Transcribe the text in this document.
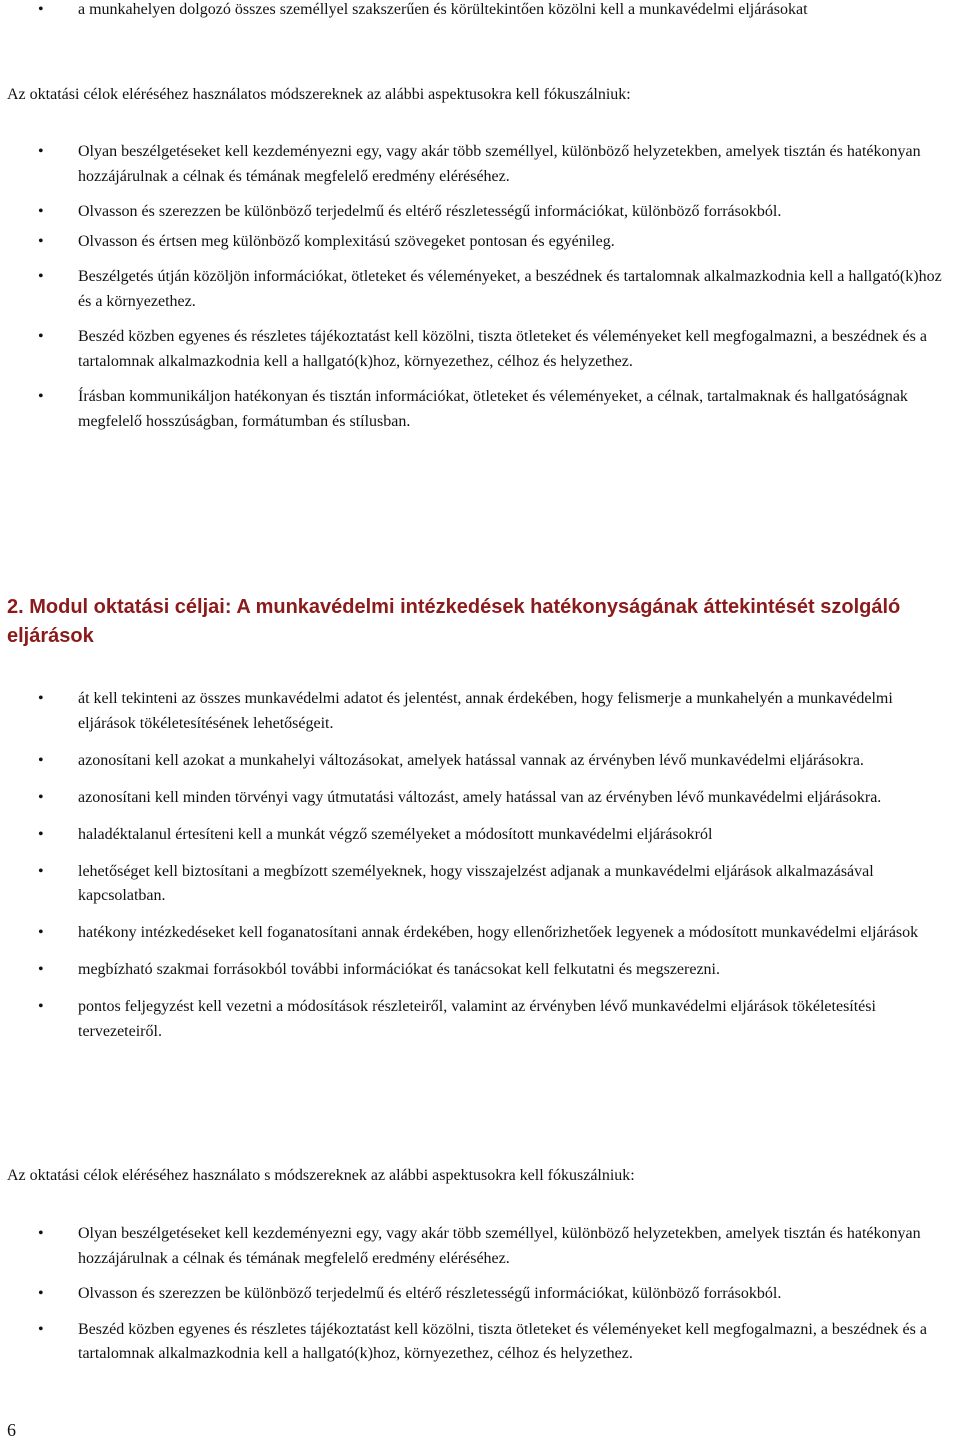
• a munkahelyen dolgozó összes személlyel szakszerűen és körültekintően közölni kell a munkavédelmi eljárásokat

Az oktatási célok eléréséhez használatos módszereknek az alábbi aspektusokra kell fókuszálniuk:

• Olyan beszélgetéseket kell kezdeményezni egy, vagy akár több személlyel, különböző helyzetekben, amelyek tisztán és hatékonyan hozzájárulnak a célnak és témának megfelelő eredmény eléréséhez.
• Olvasson és szerezzen be különböző terjedelmű és eltérő részletességű információkat, különböző forrásokból.
• Olvasson és értsen meg különböző komplexitású szövegeket pontosan és egyénileg.
• Beszélgetés útján közöljön információkat, ötleteket és véleményeket, a beszédnek és tartalomnak alkalmazkodnia kell a hallgató(k)hoz és a környezethez.
• Beszéd közben egyenes és részletes tájékoztatást kell közölni, tiszta ötleteket és véleményeket kell megfogalmazni, a beszédnek és a tartalomnak alkalmazkodnia kell a hallgató(k)hoz, környezethez, célhoz és helyzethez.
• Írásban kommunikáljon hatékonyan és tisztán információkat, ötleteket és véleményeket, a célnak, tartalmaknak és hallgatóságnak megfelelő hosszúságban, formátumban és stílusban.
2. Modul oktatási céljai: A munkavédelmi intézkedések hatékonyságának áttekintését szolgáló eljárások
• át kell tekinteni az összes munkavédelmi adatot és jelentést, annak érdekében, hogy felismerje a munkahelyén a munkavédelmi eljárások tökéletesítésének lehetőségeit.
• azonosítani kell azokat a munkahelyi változásokat, amelyek hatással vannak az érvényben lévő munkavédelmi eljárásokra.
• azonosítani kell minden törvényi vagy útmutatási változást, amely hatással van az érvényben lévő munkavédelmi eljárásokra.
• haladéktalanul értesíteni kell a munkát végző személyeket a módosított munkavédelmi eljárásokról
• lehetőséget kell biztosítani a megbízott személyeknek, hogy visszajelzést adjanak a munkavédelmi eljárások alkalmazásával kapcsolatban.
• hatékony intézkedéseket kell foganatosítani annak érdekében, hogy ellenőrizhetőek legyenek a módosított munkavédelmi eljárások
• megbízható szakmai forrásokból további információkat és tanácsokat kell felkutatni és megszerezni.
• pontos feljegyzést kell vezetni a módosítások részleteiről, valamint az érvényben lévő munkavédelmi eljárások tökéletesítési tervezeteiről.

Az oktatási célok eléréséhez használato s módszereknek az alábbi aspektusokra kell fókuszálniuk:

• Olyan beszélgetéseket kell kezdeményezni egy, vagy akár több személlyel, különböző helyzetekben, amelyek tisztán és hatékonyan hozzájárulnak a célnak és témának megfelelő eredmény eléréséhez.
• Olvasson és szerezzen be különböző terjedelmű és eltérő részletességű információkat, különböző forrásokból.
• Beszéd közben egyenes és részletes tájékoztatást kell közölni, tiszta ötleteket és véleményeket kell megfogalmazni, a beszédnek és a tartalomnak alkalmazkodnia kell a hallgató(k)hoz, környezethez, célhoz és helyzethez.
6
